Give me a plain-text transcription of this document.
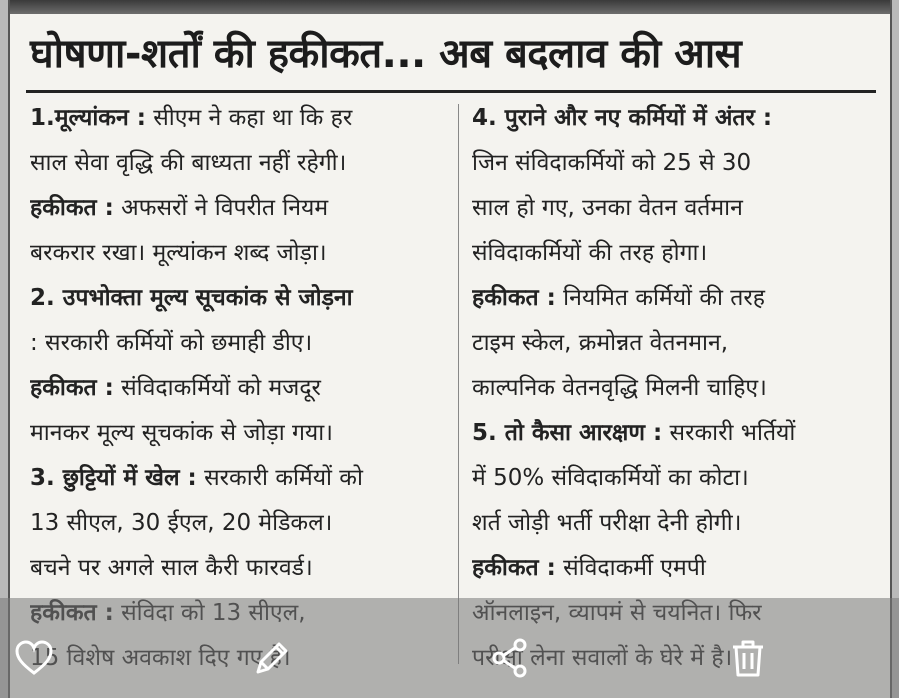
घोषणा-शर्तों की हकीकत... अब बदलाव की आस
1.मूल्यांकन : सीएम ने कहा था कि हर
साल सेवा वृद्धि की बाध्यता नहीं रहेगी।
हकीकत : अफसरों ने विपरीत नियम
बरकरार रखा। मूल्यांकन शब्द जोड़ा।
2. उपभोक्ता मूल्य सूचकांक से जोड़ना
: सरकारी कर्मियों को छमाही डीए।
हकीकत : संविदाकर्मियों को मजदूर
मानकर मूल्य सूचकांक से जोड़ा गया।
3. छुट्टियों में खेल : सरकारी कर्मियों को
13 सीएल, 30 ईएल, 20 मेडिकल।
बचने पर अगले साल कैरी फारवर्ड।
4. पुराने और नए कर्मियों में अंतर :
जिन संविदाकर्मियों को 25 से 30
साल हो गए, उनका वेतन वर्तमान
संविदाकर्मियों की तरह होगा।
हकीकत : नियमित कर्मियों की तरह
टाइम स्केल, क्रमोन्नत वेतनमान,
काल्पनिक वेतनवृद्धि मिलनी चाहिए।
5. तो कैसा आरक्षण : सरकारी भर्तियों
में 50% संविदाकर्मियों का कोटा।
शर्त जोड़ी भर्ती परीक्षा देनी होगी।
हकीकत : संविदाकर्मी एमपी
